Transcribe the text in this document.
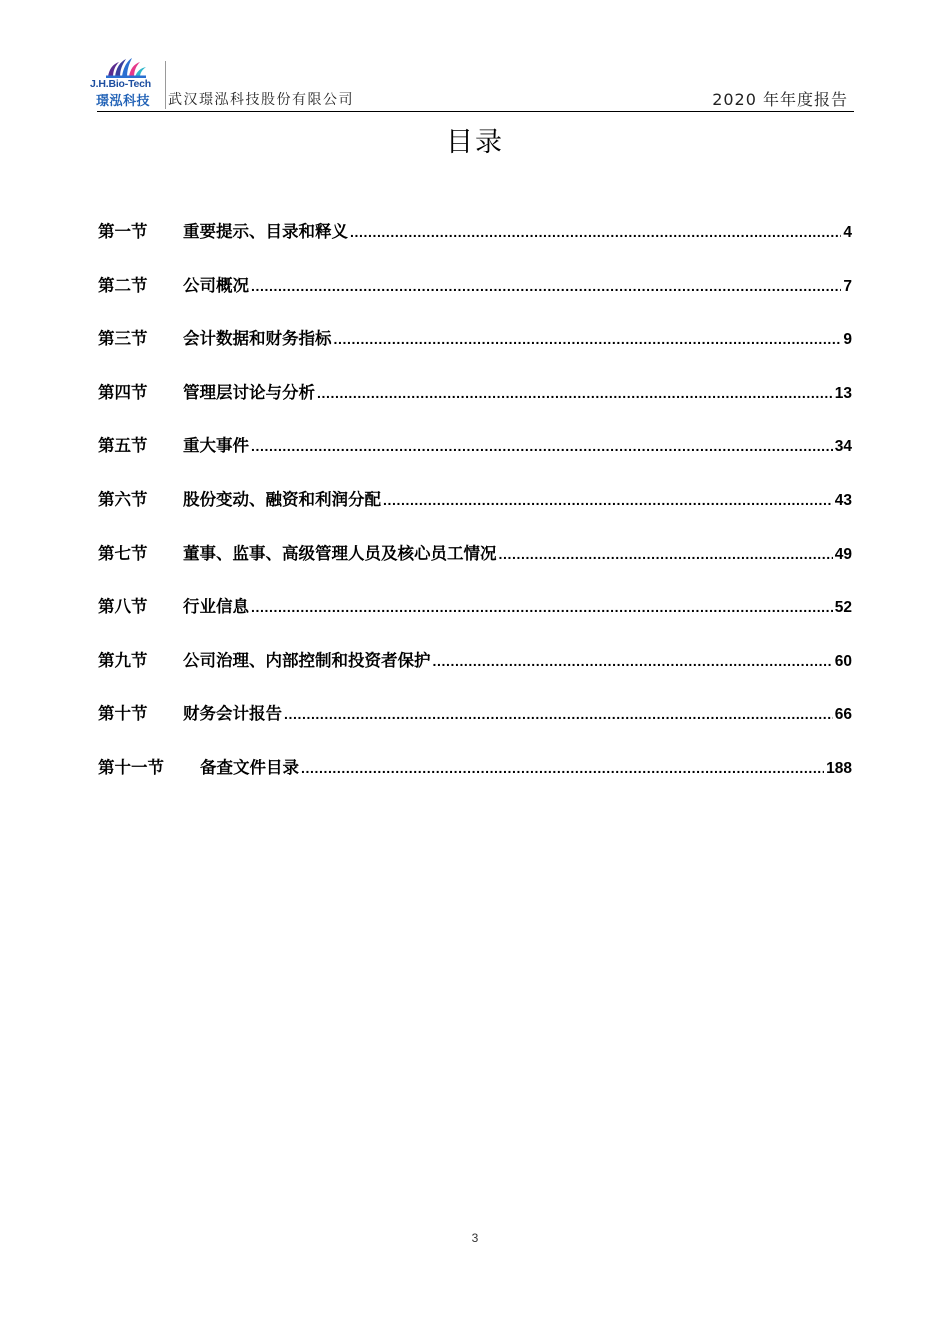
J.H.Bio-Tech
璟泓科技 武汉璟泓科技股份有限公司	2020 年年度报告
目录
第一节	重要提示、目录和释义 .....	4
第二节	公司概况 .....	7
第三节	会计数据和财务指标 .....	9
第四节	管理层讨论与分析 .....	13
第五节	重大事件 .....	34
第六节	股份变动、融资和利润分配 .....	43
第七节	董事、监事、高级管理人员及核心员工情况 .....	49
第八节	行业信息 .....	52
第九节	公司治理、内部控制和投资者保护 .....	60
第十节	财务会计报告 .....	66
第十一节	备查文件目录 .....	188
3
